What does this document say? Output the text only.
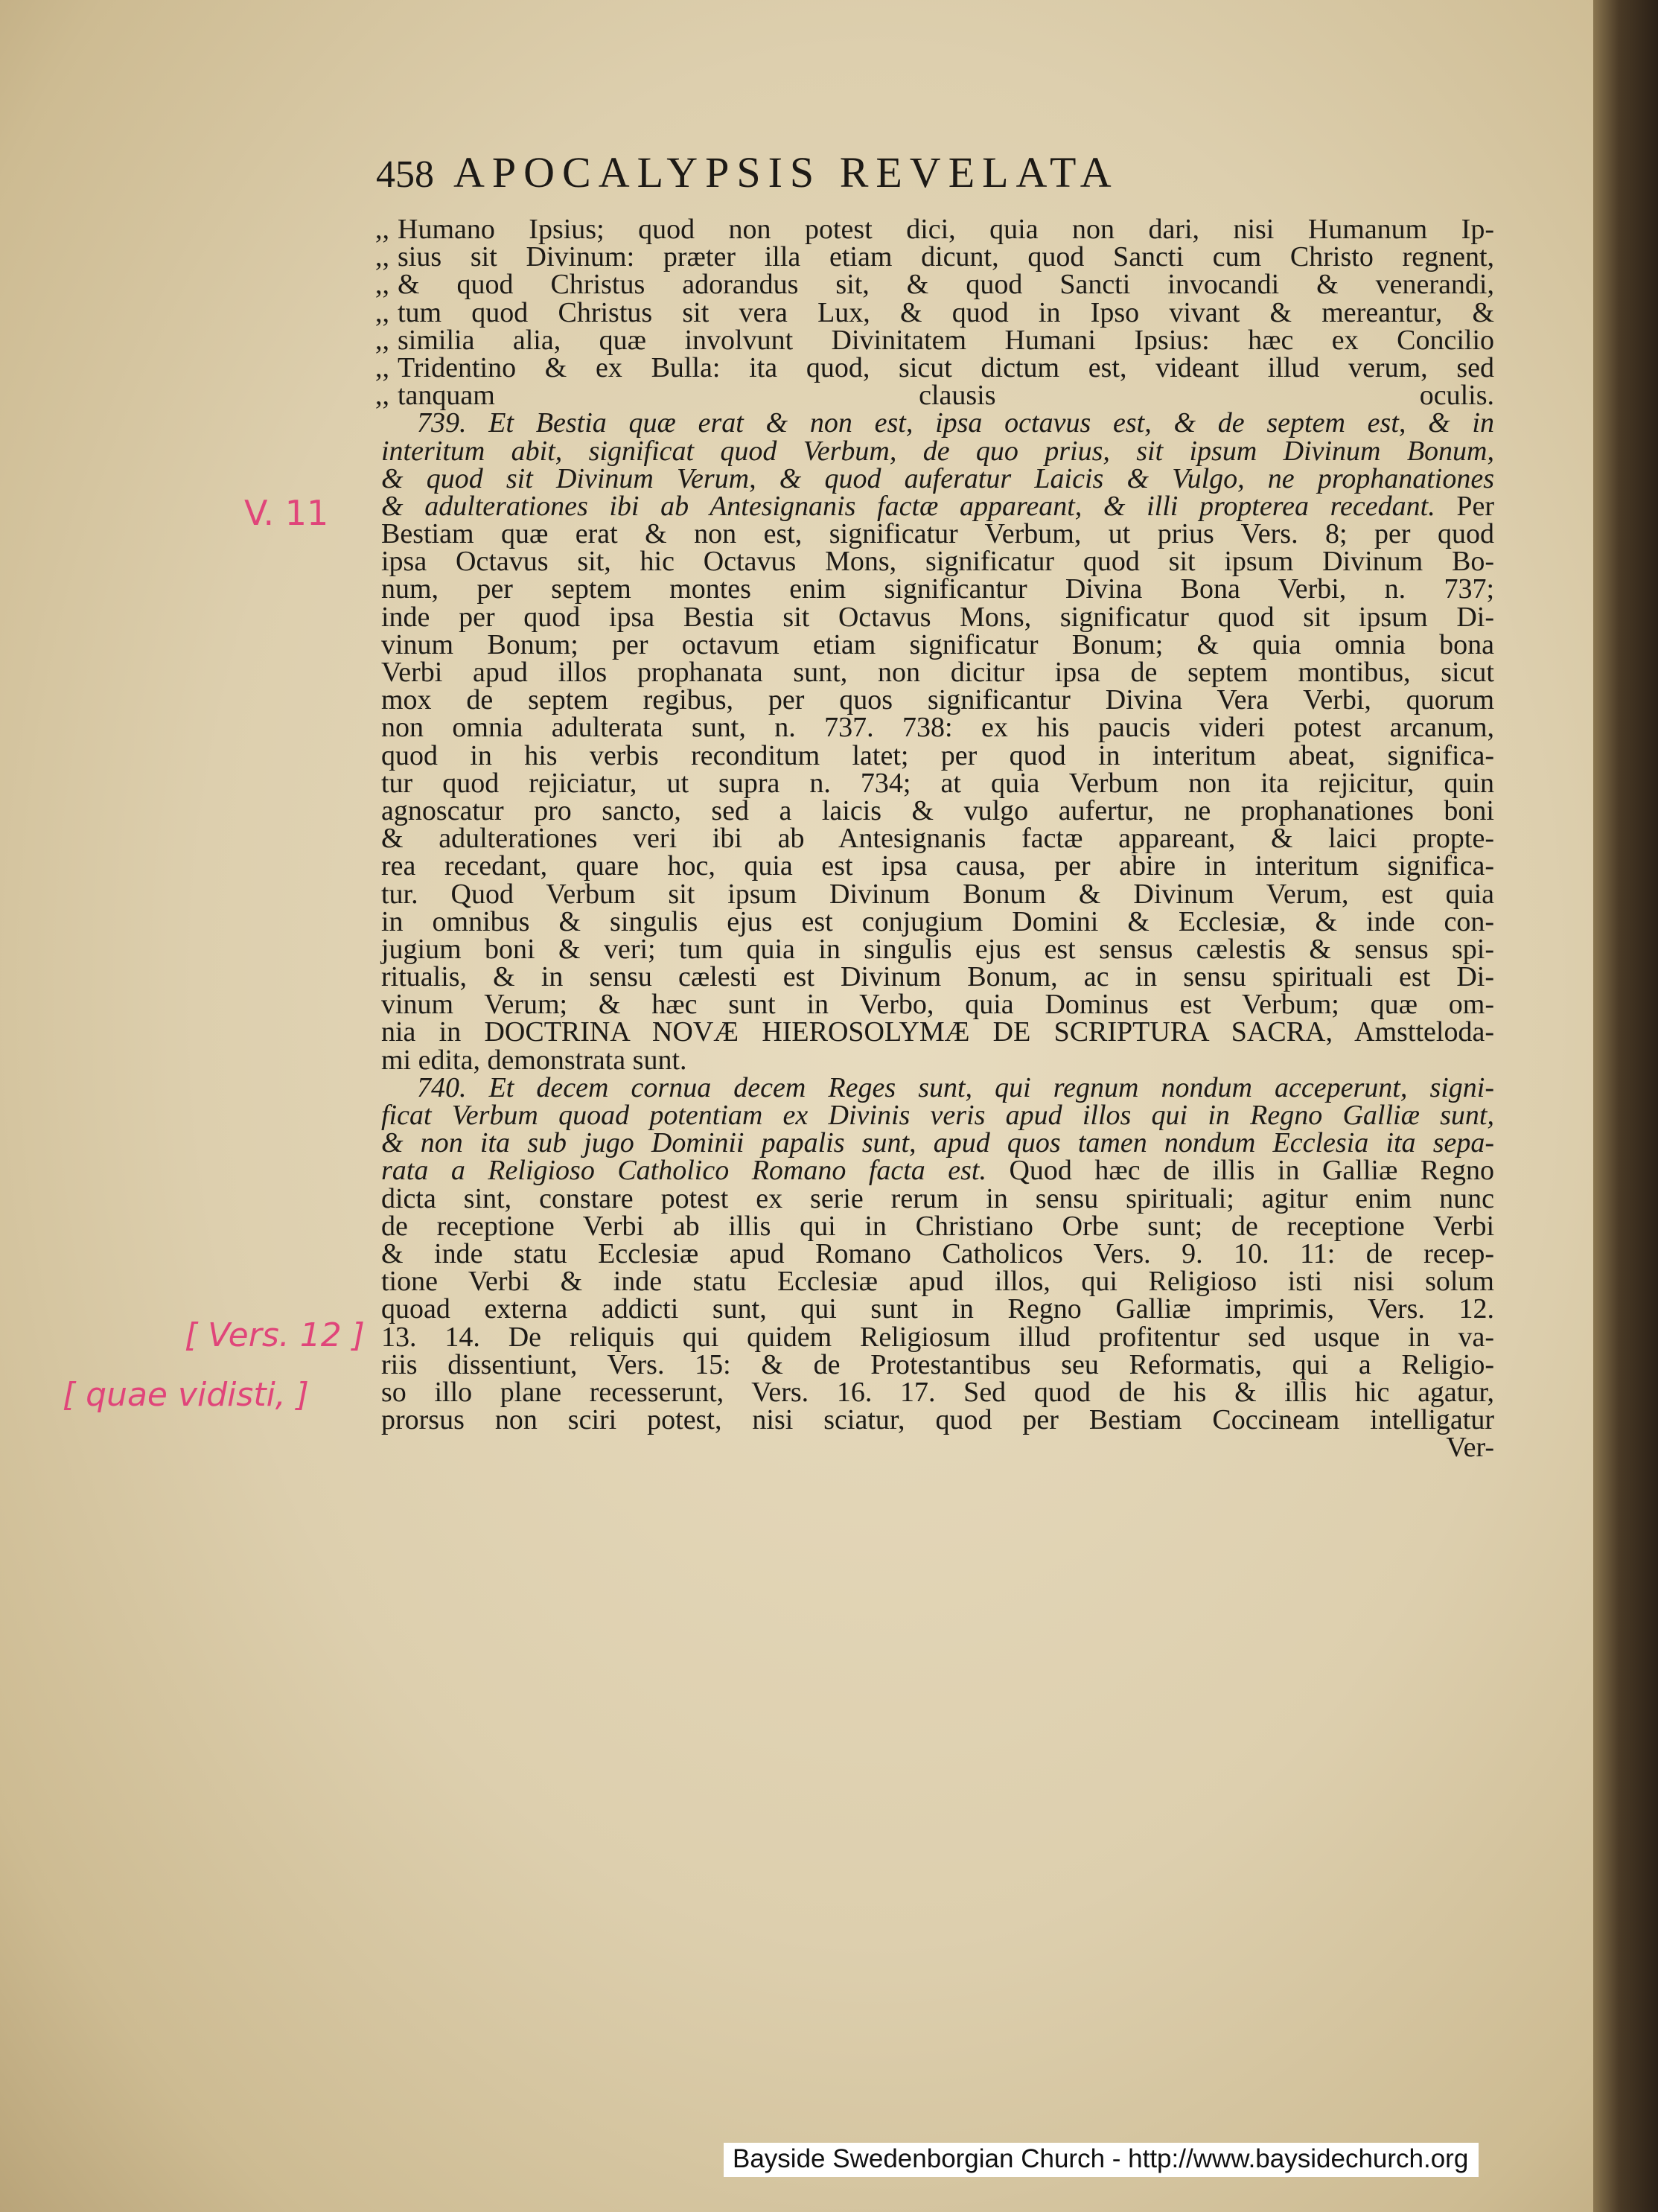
458 APOCALYPSIS REVELATA
,, Humano Ipsius; quod non potest dici, quia non dari, nisi Humanum Ip-
,, sius sit Divinum: præter illa etiam dicunt, quod Sancti cum Christo regnent,
,, & quod Christus adorandus sit, & quod Sancti invocandi & venerandi,
,, tum quod Christus sit vera Lux, & quod in Ipso vivant & mereantur, &
,, similia alia, quæ involvunt Divinitatem Humani Ipsius: hæc ex Concilio
,, Tridentino & ex Bulla: ita quod, sicut dictum est, videant illud verum, sed
,, tanquam clausis oculis.
739. Et Bestia quæ erat & non est, ipsa octavus est, & de septem est, & in
interitum abit, significat quod Verbum, de quo prius, sit ipsum Divinum Bonum,
& quod sit Divinum Verum, & quod auferatur Laicis & Vulgo, ne prophanationes
& adulterationes ibi ab Antesignanis factæ appareant, & illi propterea recedant. Per
Bestiam quæ erat & non est, significatur Verbum, ut prius Vers. 8; per quod
ipsa Octavus sit, hic Octavus Mons, significatur quod sit ipsum Divinum Bo-
num, per septem montes enim significantur Divina Bona Verbi, n. 737;
inde per quod ipsa Bestia sit Octavus Mons, significatur quod sit ipsum Di-
vinum Bonum; per octavum etiam significatur Bonum; & quia omnia bona
Verbi apud illos prophanata sunt, non dicitur ipsa de septem montibus, sicut
mox de septem regibus, per quos significantur Divina Vera Verbi, quorum
non omnia adulterata sunt, n. 737. 738: ex his paucis videri potest arcanum,
quod in his verbis reconditum latet; per quod in interitum abeat, significa-
tur quod rejiciatur, ut supra n. 734; at quia Verbum non ita rejicitur, quin
agnoscatur pro sancto, sed a laicis & vulgo aufertur, ne prophanationes boni
& adulterationes veri ibi ab Antesignanis factæ appareant, & laici propte-
rea recedant, quare hoc, quia est ipsa causa, per abire in interitum significa-
tur. Quod Verbum sit ipsum Divinum Bonum & Divinum Verum, est quia
in omnibus & singulis ejus est conjugium Domini & Ecclesiæ, & inde con-
jugium boni & veri; tum quia in singulis ejus est sensus cælestis & sensus spi-
ritualis, & in sensu cælesti est Divinum Bonum, ac in sensu spirituali est Di-
vinum Verum; & hæc sunt in Verbo, quia Dominus est Verbum; quæ om-
nia in DOCTRINA NOVÆ HIEROSOLYMÆ DE SCRIPTURA SACRA, Amstteloda-
mi edita, demonstrata sunt.
740. Et decem cornua decem Reges sunt, qui regnum nondum acceperunt, signi-
ficat Verbum quoad potentiam ex Divinis veris apud illos qui in Regno Galliæ sunt,
& non ita sub jugo Dominii papalis sunt, apud quos tamen nondum Ecclesia ita sepa-
rata a Religioso Catholico Romano facta est. Quod hæc de illis in Galliæ Regno
dicta sint, constare potest ex serie rerum in sensu spirituali; agitur enim nunc
de receptione Verbi ab illis qui in Christiano Orbe sunt; de receptione Verbi
& inde statu Ecclesiæ apud Romano Catholicos Vers. 9. 10. 11: de recep-
tione Verbi & inde statu Ecclesiæ apud illos, qui Religioso isti nisi solum
quoad externa addicti sunt, qui sunt in Regno Galliæ imprimis, Vers. 12.
13. 14. De reliquis qui quidem Religiosum illud profitentur sed usque in va-
riis dissentiunt, Vers. 15: & de Protestantibus seu Reformatis, qui a Religio-
so illo plane recesserunt, Vers. 16. 17. Sed quod de his & illis hic agatur,
prorsus non sciri potest, nisi sciatur, quod per Bestiam Coccineam intelligatur
Ver-
V. 11
[ Vers. 12 ]
[ quae vidisti, ]
Bayside Swedenborgian Church - http://www.baysidechurch.org
